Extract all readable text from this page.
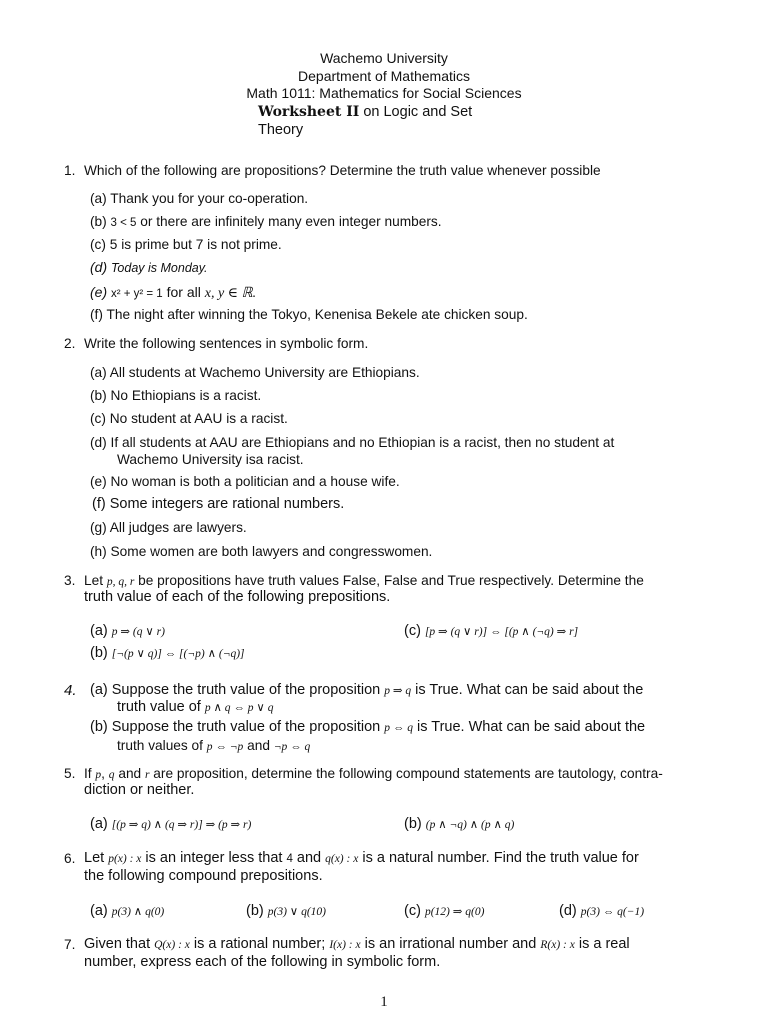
Wachemo University
Department of Mathematics
Math 1011: Mathematics for Social Sciences
Worksheet II on Logic and Set
Theory
1. Which of the following are propositions? Determine the truth value whenever possible
(a) Thank you for your co-operation.
(b) 3 < 5 or there are infinitely many even integer numbers.
(c) 5 is prime but 7 is not prime.
(d) Today is Monday.
(e) x² + y² = 1 for all x, y ∈ ℝ.
(f) The night after winning the Tokyo, Kenenisa Bekele ate chicken soup.
2. Write the following sentences in symbolic form.
(a) All students at Wachemo University are Ethiopians.
(b) No Ethiopians is a racist.
(c) No student at AAU is a racist.
(d) If all students at AAU are Ethiopians and no Ethiopian is a racist, then no student at
Wachemo University isa racist.
(e) No woman is both a politician and a house wife.
(f) Some integers are rational numbers.
(g) All judges are lawyers.
(h) Some women are both lawyers and congresswomen.
3. Let p, q, r be propositions have truth values False, False and True respectively. Determine the
truth value of each of the following prepositions.
(a) p ⇒ (q ∨ r)
(b) [¬(p ∨ q)] ⇔ [(¬p) ∧ (¬q)]
(c) [p ⇒ (q ∨ r)] ⇔ [(p ∧ (¬q) ⇒ r]
4. (a) Suppose the truth value of the proposition p ⇒ q is True. What can be said about the
truth value of p ∧ q ⇔ p ∨ q
(b) Suppose the truth value of the proposition p ⇔ q is True. What can be said about the
truth values of p ⇔ ¬p and ¬p ⇔ q
5. If p, q and r are proposition, determine the following compound statements are tautology, contra-
diction or neither.
(a) [(p ⇒ q) ∧ (q ⇒ r)] ⇒ (p ⇒ r)	(b) (p ∧ ¬q) ∧ (p ∧ q)
6. Let p(x) : x is an integer less that 4 and q(x) : x is a natural number. Find the truth value for
the following compound prepositions.
(a) p(3) ∧ q(0)	(b) p(3) ∨ q(10)	(c) p(12) ⇒ q(0)	(d) p(3) ⇔ q(−1)
7. Given that Q(x) : x is a rational number; I(x) : x is an irrational number and R(x) : x is a real
number, express each of the following in symbolic form.
1
